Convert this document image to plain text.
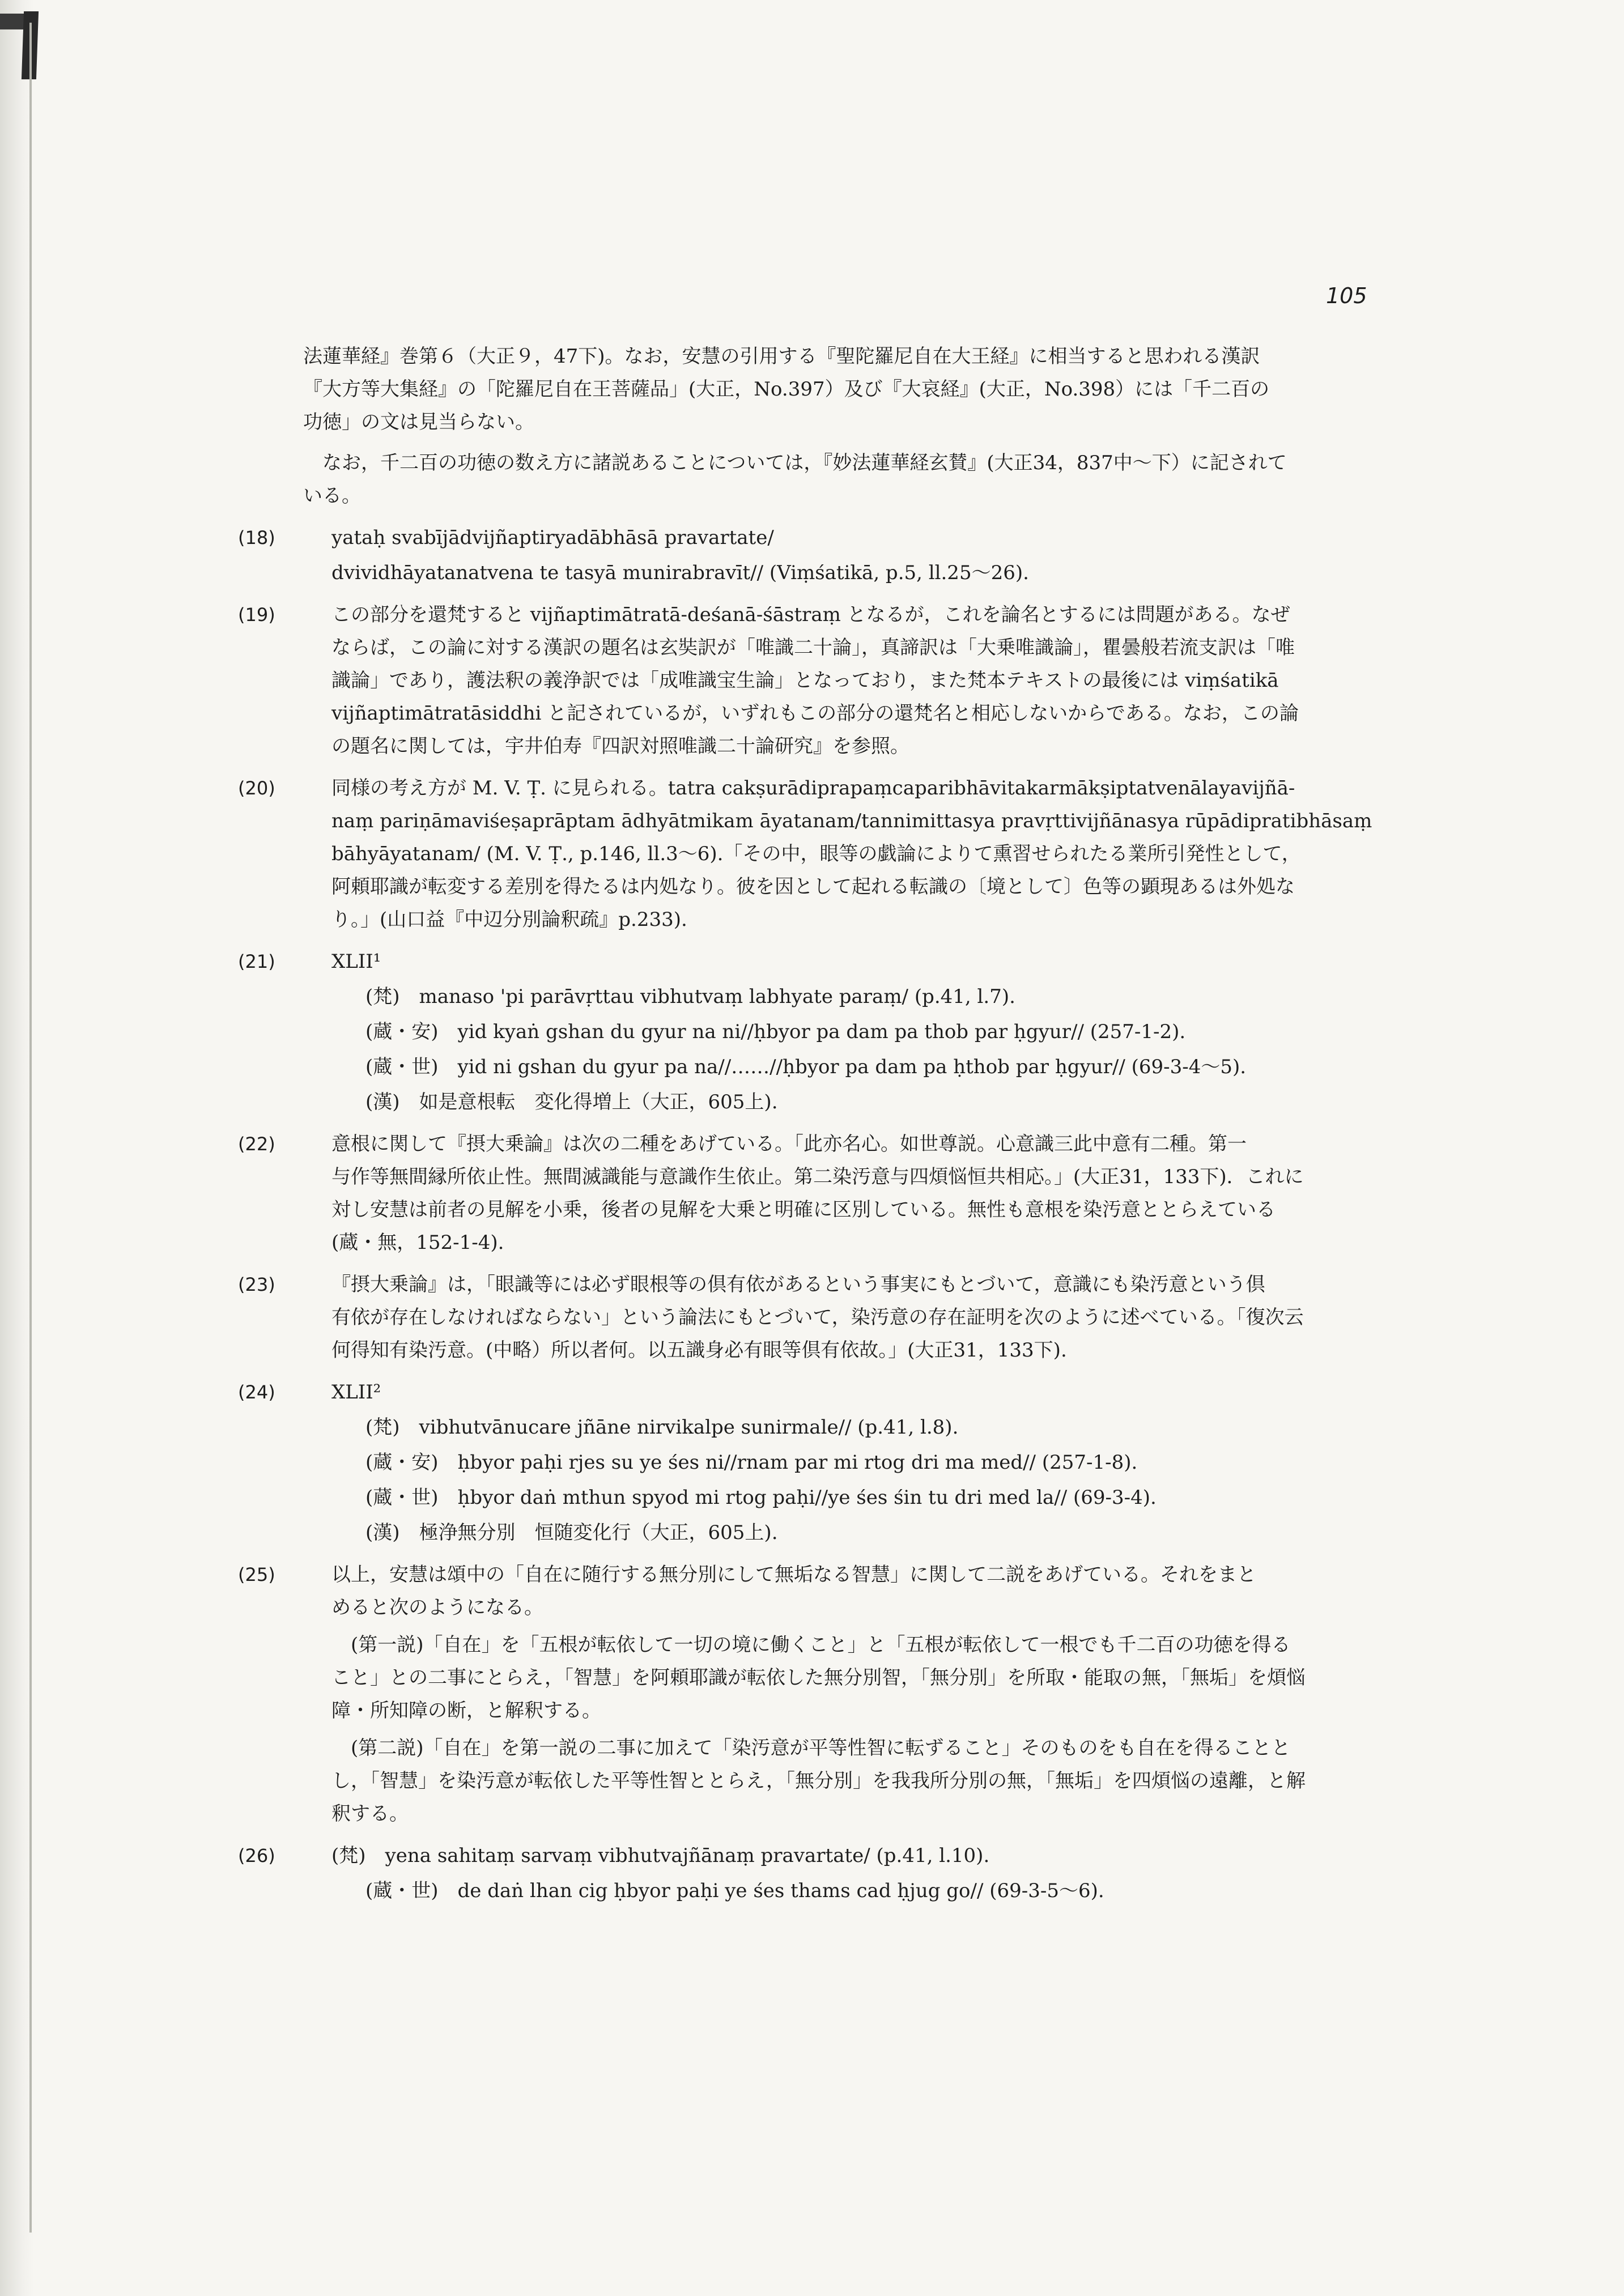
105

法蓮華経』巻第６（大正９，47下)。なお，安慧の引用する『聖陀羅尼自在大王経』に相当すると思われる漢訳
『大方等大集経』の「陀羅尼自在王菩薩品」(大正，No.397）及び『大哀経』(大正，No.398）には「千二百の
功徳」の文は見当らない。

なお，千二百の功徳の数え方に諸説あることについては，『妙法蓮華経玄賛』(大正34，837中～下）に記されて
いる。

(18)	yataḥ svabījādvijñaptiryadābhāsā pravartate/

dvividhāyatanatvena te tasyā munirabravīt// (Viṃśatikā, p.5, ll.25～26).

(19)	この部分を還梵すると vijñaptimātratā-deśanā-śāstraṃ となるが，これを論名とするには問題がある。なぜ
ならば，この論に対する漢訳の題名は玄奘訳が「唯識二十論」，真諦訳は「大乗唯識論」，瞿曇般若流支訳は「唯
識論」であり，護法釈の義浄訳では「成唯識宝生論」となっており，また梵本テキストの最後には viṃśatikā
vijñaptimātratāsiddhi と記されているが，いずれもこの部分の還梵名と相応しないからである。なお，この論
の題名に関しては，宇井伯寿『四訳対照唯識二十論研究』を参照。

(20)	同様の考え方が M. V. Ṭ. に見られる。tatra cakṣurādiprapaṃcaparibhāvitakarmākṣiptatvenālayavijñā-
naṃ pariṇāmaviśeṣaprāptam ādhyātmikam āyatanam/tannimittasya pravṛttivijñānasya rūpādipratibhāsaṃ
bāhyāyatanam/ (M. V. Ṭ., p.146, ll.3～6).「その中，眼等の戯論によりて熏習せられたる業所引発性として，
阿頼耶識が転変する差別を得たるは内処なり。彼を因として起れる転識の〔境として〕色等の顕現あるは外処な
り。」(山口益『中辺分別論釈疏』p.233).

(21)	XLII¹

(梵)　manaso 'pi parāvṛttau vibhutvaṃ labhyate paraṃ/ (p.41, l.7).

(蔵・安)　yid kyaṅ gshan du gyur na ni//ḥbyor pa dam pa thob par ḥgyur// (257-1-2).

(蔵・世)　yid ni gshan du gyur pa na//……//ḥbyor pa dam pa ḥthob par ḥgyur// (69-3-4～5).

(漢)　如是意根転　変化得増上（大正，605上).

(22)	意根に関して『摂大乗論』は次の二種をあげている。「此亦名心。如世尊説。心意識三此中意有二種。第一
与作等無間縁所依止性。無間滅識能与意識作生依止。第二染汚意与四煩悩恒共相応。」(大正31，133下)．これに
対し安慧は前者の見解を小乗，後者の見解を大乗と明確に区別している。無性も意根を染汚意ととらえている
(蔵・無，152-1-4).

(23)	『摂大乗論』は，「眼識等には必ず眼根等の倶有依があるという事実にもとづいて，意識にも染汚意という倶
有依が存在しなければならない」という論法にもとづいて，染汚意の存在証明を次のように述べている。「復次云
何得知有染汚意。(中略）所以者何。以五識身必有眼等倶有依故。」(大正31，133下).

(24)	XLII²

(梵)　vibhutvānucare jñāne nirvikalpe sunirmale// (p.41, l.8).

(蔵・安)　ḥbyor paḥi rjes su ye śes ni//rnam par mi rtog dri ma med// (257-1-8).

(蔵・世)　ḥbyor daṅ mthun spyod mi rtog paḥi//ye śes śin tu dri med la// (69-3-4).

(漢)　極浄無分別　恒随変化行（大正，605上).

(25)	以上，安慧は頌中の「自在に随行する無分別にして無垢なる智慧」に関して二説をあげている。それをまと
めると次のようになる。

(第一説)「自在」を「五根が転依して一切の境に働くこと」と「五根が転依して一根でも千二百の功徳を得る
こと」との二事にとらえ，「智慧」を阿頼耶識が転依した無分別智，「無分別」を所取・能取の無，「無垢」を煩悩
障・所知障の断，と解釈する。

(第二説)「自在」を第一説の二事に加えて「染汚意が平等性智に転ずること」そのものをも自在を得ることと
し，「智慧」を染汚意が転依した平等性智ととらえ，「無分別」を我我所分別の無，「無垢」を四煩悩の遠離，と解
釈する。

(26)	(梵)　yena sahitaṃ sarvaṃ vibhutvajñānaṃ pravartate/ (p.41, l.10).

(蔵・世)　de daṅ lhan cig ḥbyor paḥi ye śes thams cad ḥjug go// (69-3-5～6).
